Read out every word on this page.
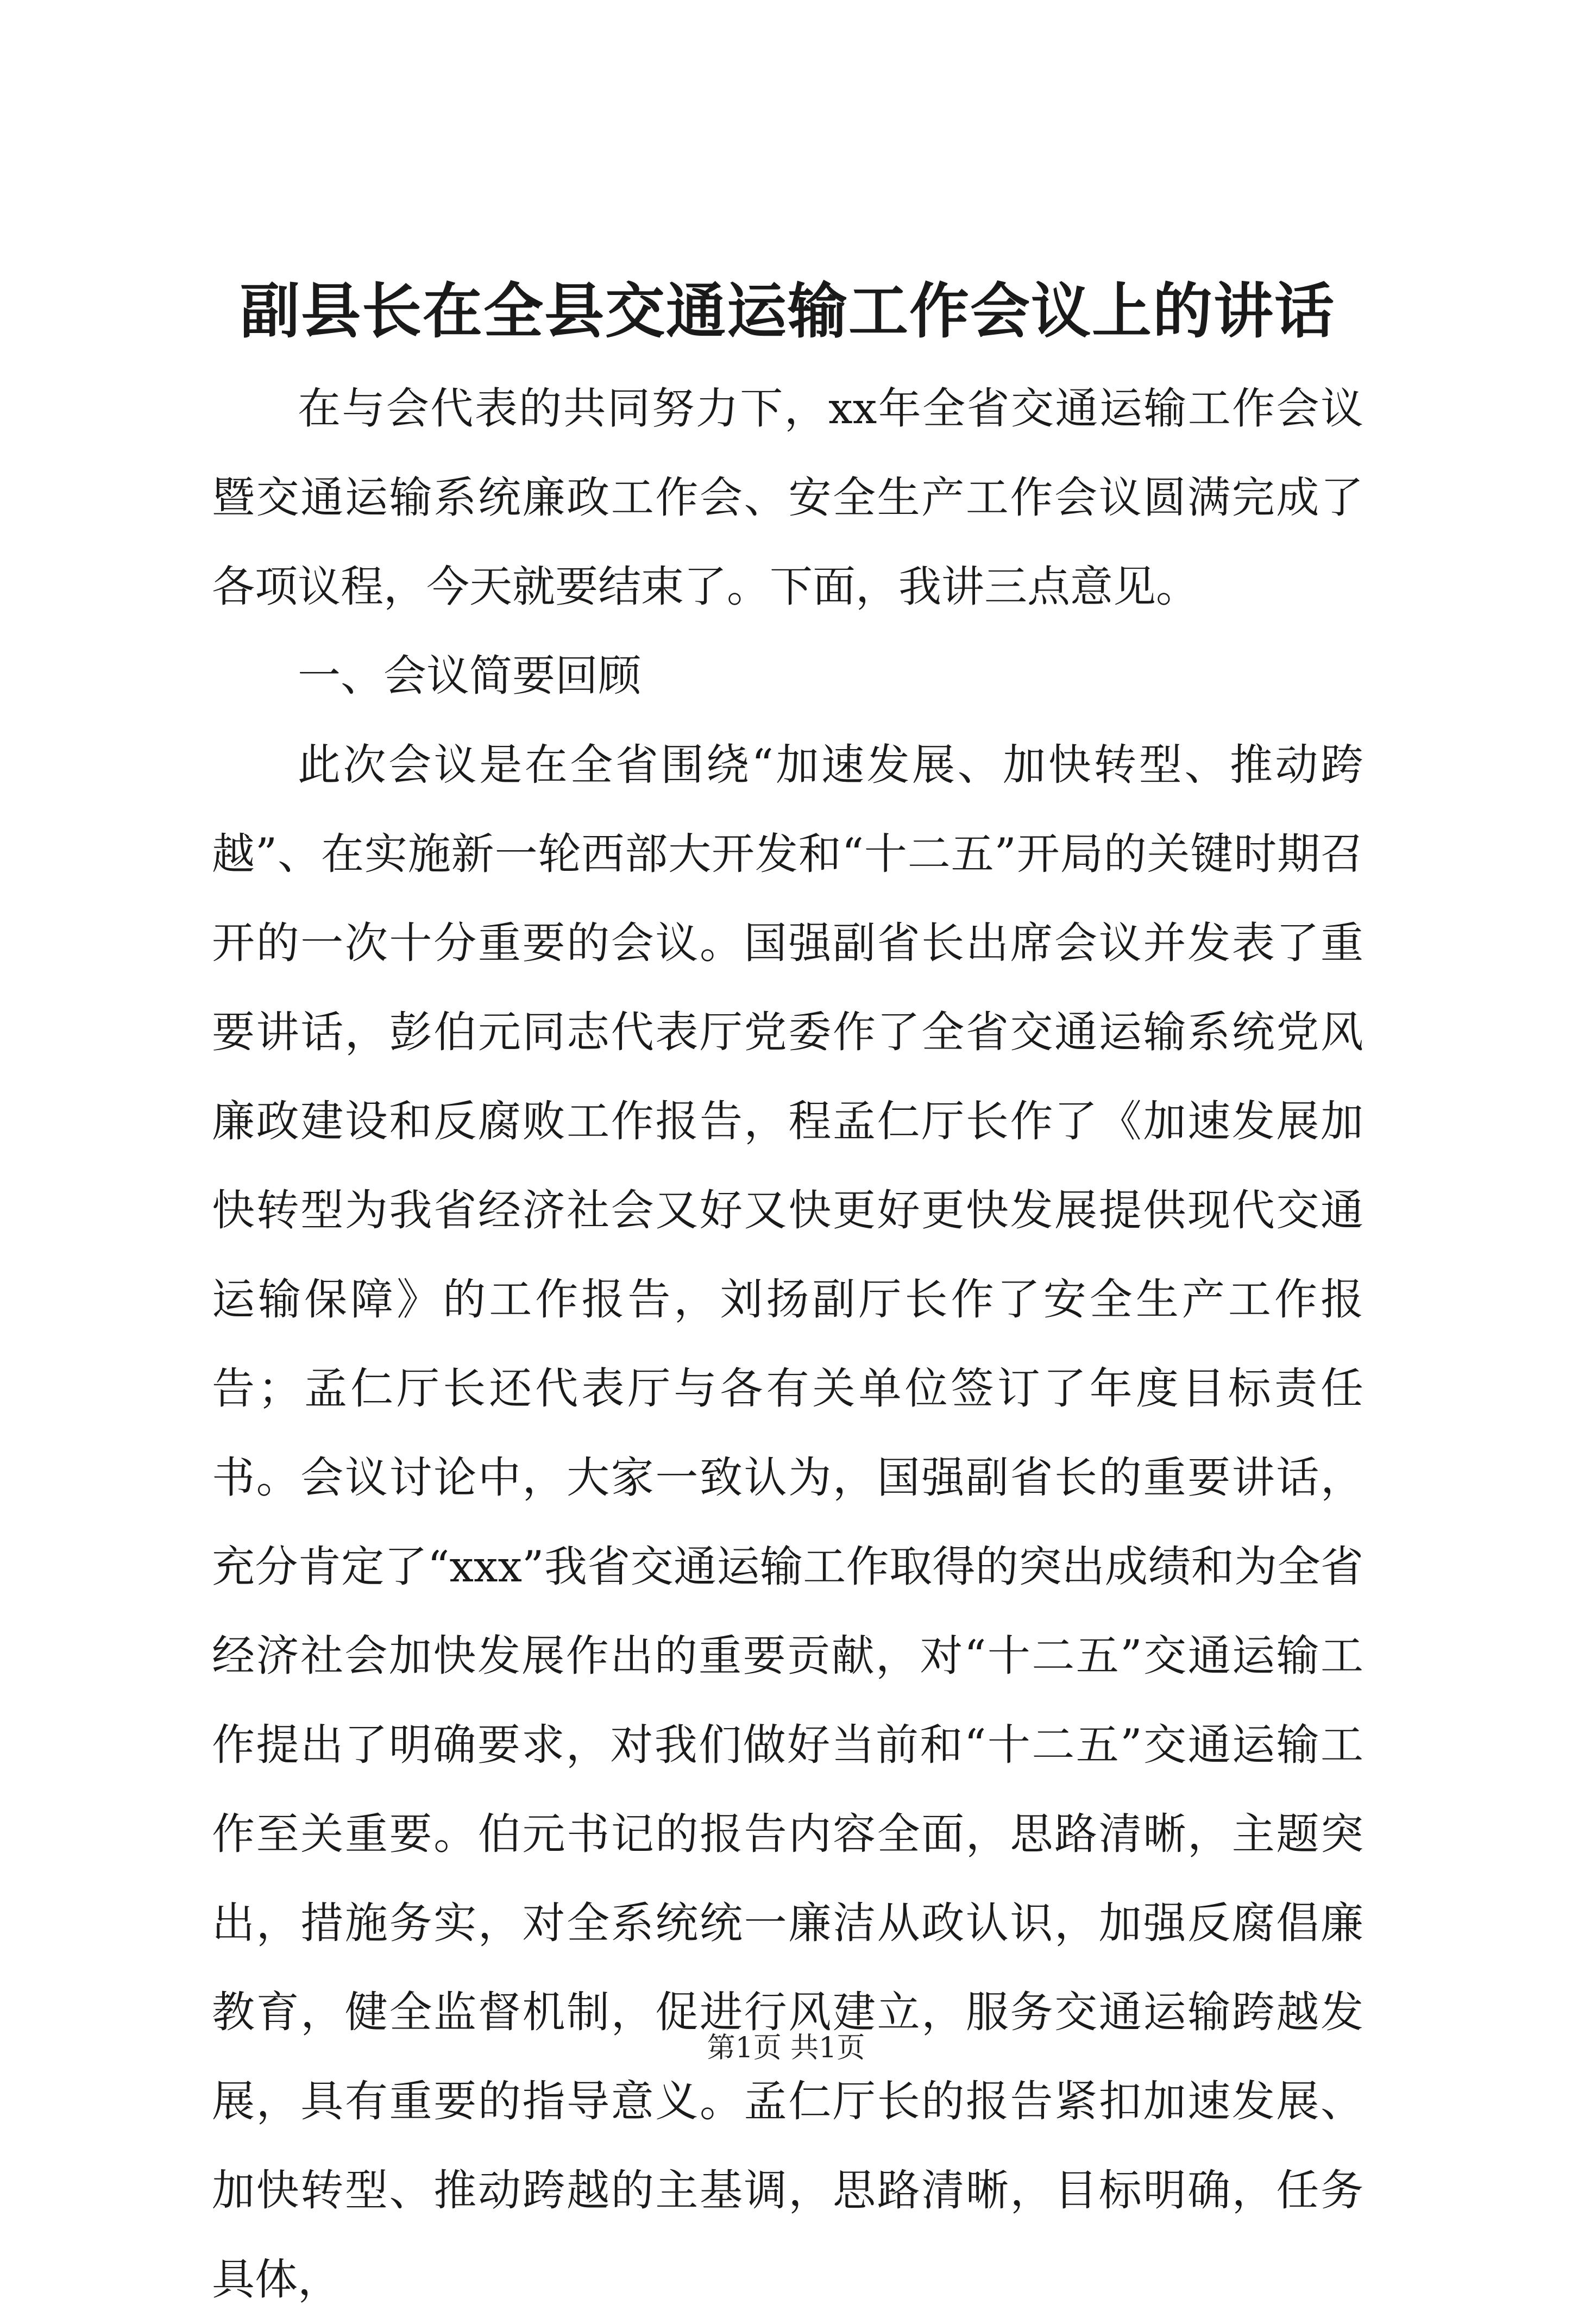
副县长在全县交通运输工作会议上的讲话

在与会代表的共同努力下，xx年全省交通运输工作会议暨交通运输系统廉政工作会、安全生产工作会议圆满完成了各项议程，今天就要结束了。下面，我讲三点意见。

一、会议简要回顾

此次会议是在全省围绕“加速发展、加快转型、推动跨越”、在实施新一轮西部大开发和“十二五”开局的关键时期召开的一次十分重要的会议。国强副省长出席会议并发表了重要讲话，彭伯元同志代表厅党委作了全省交通运输系统党风廉政建设和反腐败工作报告，程孟仁厅长作了《加速发展加快转型为我省经济社会又好又快更好更快发展提供现代交通运输保障》的工作报告，刘扬副厅长作了安全生产工作报告；孟仁厅长还代表厅与各有关单位签订了年度目标责任书。会议讨论中，大家一致认为，国强副省长的重要讲话，充分肯定了“xxx”我省交通运输工作取得的突出成绩和为全省经济社会加快发展作出的重要贡献，对“十二五”交通运输工作提出了明确要求，对我们做好当前和“十二五”交通运输工作至关重要。伯元书记的报告内容全面，思路清晰，主题突出，措施务实，对全系统统一廉洁从政认识，加强反腐倡廉教育，健全监督机制，促进行风建立，服务交通运输跨越发展，具有重要的指导意义。孟仁厅长的报告紧扣加速发展、加快转型、推动跨越的主基调，思路清晰，目标明确，任务具体，

第1页 共1页
